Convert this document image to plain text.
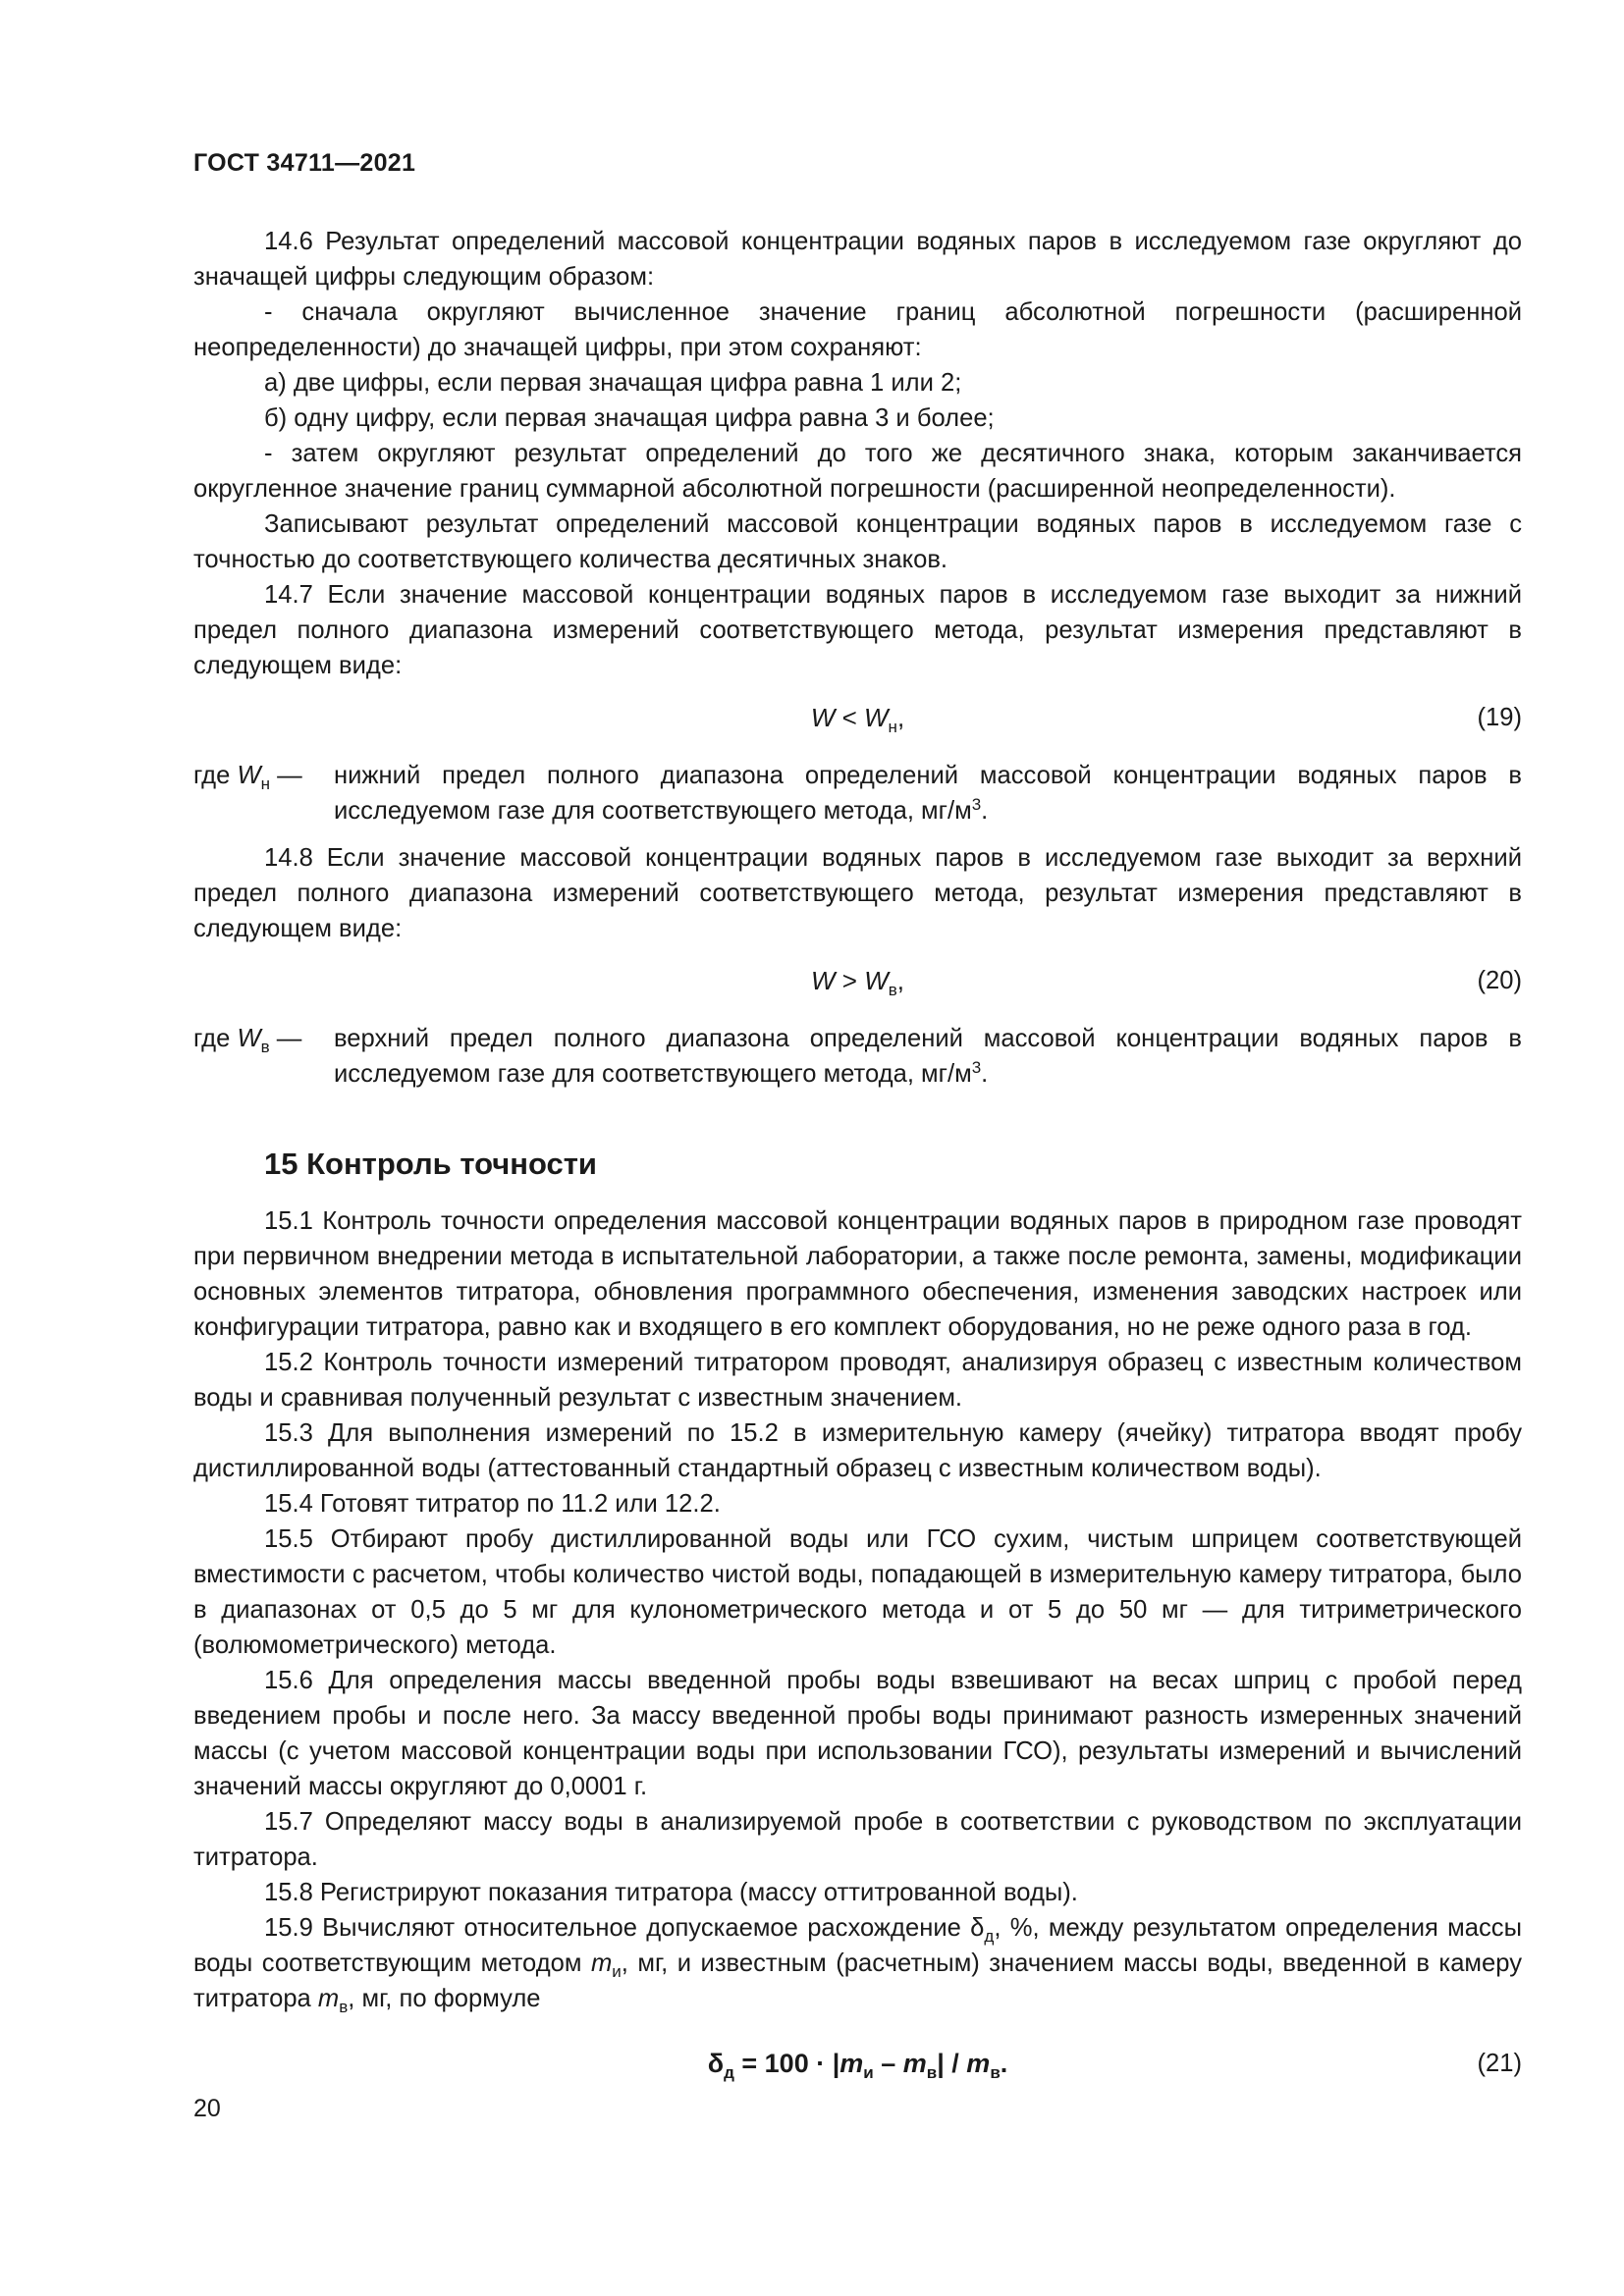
ГОСТ 34711—2021

14.6 Результат определений массовой концентрации водяных паров в исследуемом газе округляют до значащей цифры следующим образом:

- сначала округляют вычисленное значение границ абсолютной погрешности (расширенной неопределенности) до значащей цифры, при этом сохраняют:

а) две цифры, если первая значащая цифра равна 1 или 2;

б) одну цифру, если первая значащая цифра равна 3 и более;

- затем округляют результат определений до того же десятичного знака, которым заканчивается округленное значение границ суммарной абсолютной погрешности (расширенной неопределенности).

Записывают результат определений массовой концентрации водяных паров в исследуемом газе с точностью до соответствующего количества десятичных знаков.

14.7 Если значение массовой концентрации водяных паров в исследуемом газе выходит за нижний предел полного диапазона измерений соответствующего метода, результат измерения представляют в следующем виде:

$W < W_н$,	(19)
где $W_н$ —	нижний предел полного диапазона определений массовой концентрации водяных паров в исследуемом газе для соответствующего метода, $мг/м^3$.

14.8 Если значение массовой концентрации водяных паров в исследуемом газе выходит за верхний предел полного диапазона измерений соответствующего метода, результат измерения представляют в следующем виде:

$W > W_в$,	(20)
где $W_в$ —	верхний предел полного диапазона определений массовой концентрации водяных паров в исследуемом газе для соответствующего метода, $мг/м^3$.
15 Контроль точности

15.1 Контроль точности определения массовой концентрации водяных паров в природном газе проводят при первичном внедрении метода в испытательной лаборатории, а также после ремонта, замены, модификации основных элементов титратора, обновления программного обеспечения, изменения заводских настроек или конфигурации титратора, равно как и входящего в его комплект оборудования, но не реже одного раза в год.

15.2 Контроль точности измерений титратором проводят, анализируя образец с известным количеством воды и сравнивая полученный результат с известным значением.

15.3 Для выполнения измерений по 15.2 в измерительную камеру (ячейку) титратора вводят пробу дистиллированной воды (аттестованный стандартный образец с известным количеством воды).

15.4 Готовят титратор по 11.2 или 12.2.

15.5 Отбирают пробу дистиллированной воды или ГСО сухим, чистым шприцем соответствующей вместимости с расчетом, чтобы количество чистой воды, попадающей в измерительную камеру титратора, было в диапазонах от 0,5 до 5 мг для кулонометрического метода и от 5 до 50 мг — для титриметрического (волюмометрического) метода.

15.6 Для определения массы введенной пробы воды взвешивают на весах шприц с пробой перед введением пробы и после него. За массу введенной пробы воды принимают разность измеренных значений массы (с учетом массовой концентрации воды при использовании ГСО), результаты измерений и вычислений значений массы округляют до 0,0001 г.

15.7 Определяют массу воды в анализируемой пробе в соответствии с руководством по эксплуатации титратора.

15.8 Регистрируют показания титратора (массу оттитрованной воды).

15.9 Вычисляют относительное допускаемое расхождение $\delta_д$, %, между результатом определения массы воды соответствующим методом $m_и$, мг, и известным (расчетным) значением массы воды, введенной в камеру титратора $m_в$, мг, по формуле

$\delta_д = 100 \cdot |m_и - m_в| / m_в$.	(21)
20
